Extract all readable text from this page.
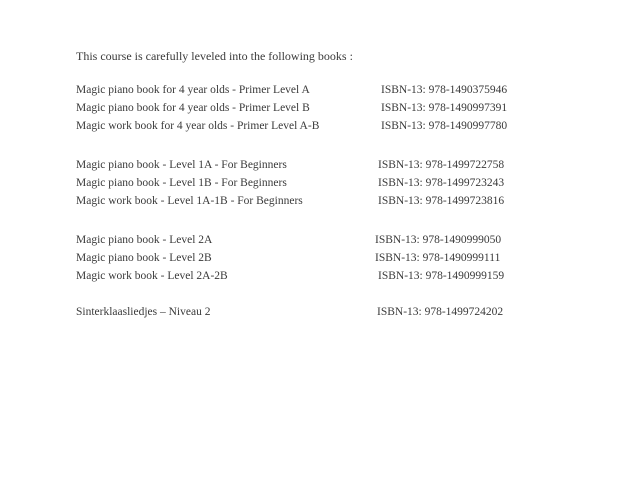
This course is carefully leveled into the following books :
Magic piano book for 4 year olds - Primer Level A	ISBN-13: 978-1490375946
Magic piano book for 4 year olds - Primer Level B	ISBN-13: 978-1490997391
Magic work book for 4 year olds - Primer Level A-B	ISBN-13: 978-1490997780
Magic piano book - Level 1A - For Beginners	ISBN-13: 978-1499722758
Magic piano book - Level 1B - For Beginners	ISBN-13: 978-1499723243
Magic work book - Level 1A-1B - For Beginners	ISBN-13: 978-1499723816
Magic piano book - Level 2A	ISBN-13: 978-1490999050
Magic piano book - Level 2B	ISBN-13: 978-1490999111
Magic work book - Level 2A-2B	ISBN-13: 978-1490999159
Sinterklaasliedjes – Niveau 2	ISBN-13: 978-1499724202
